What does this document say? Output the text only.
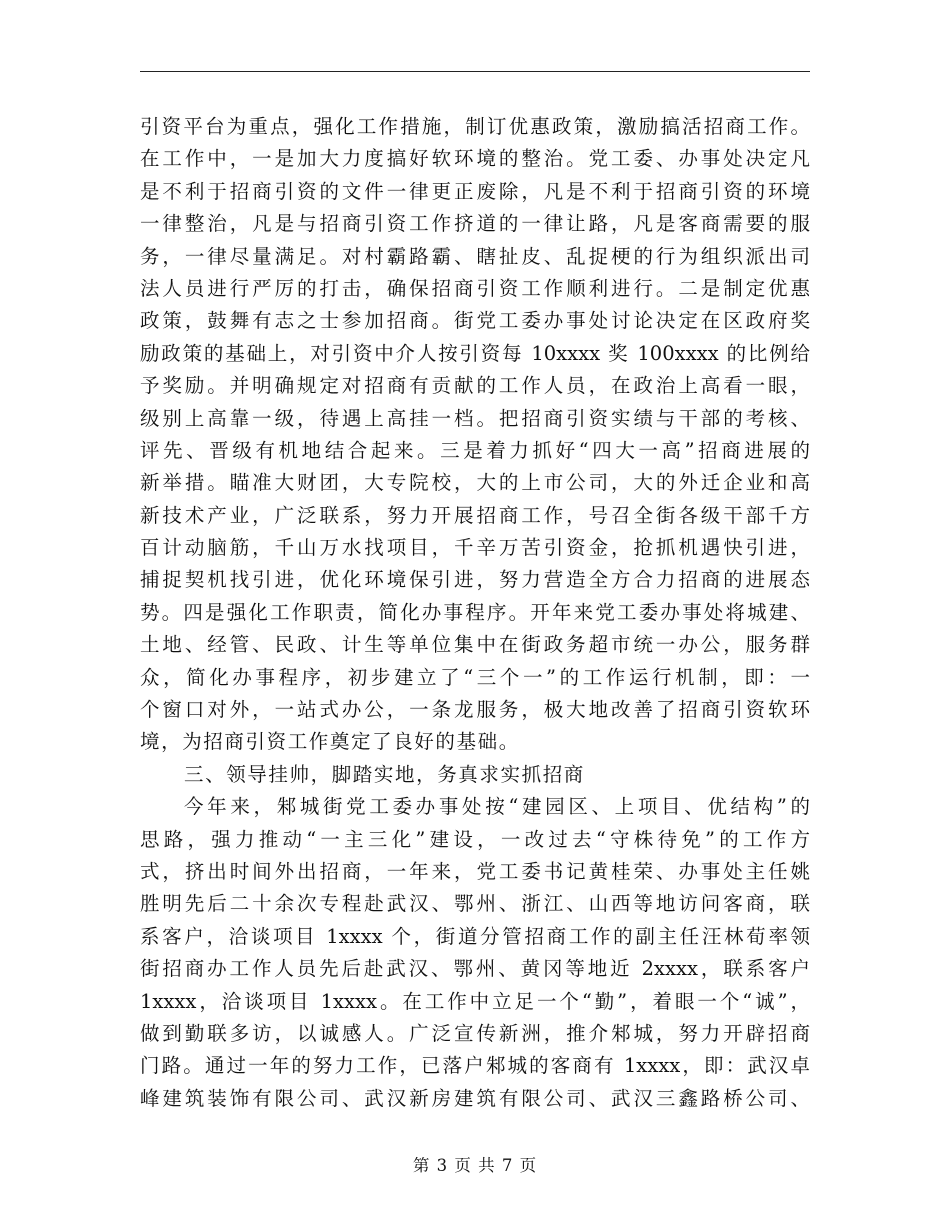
引资平台为重点，强化工作措施，制订优惠政策，激励搞活招商工作。
在工作中，一是加大力度搞好软环境的整治。党工委、办事处决定凡
是不利于招商引资的文件一律更正废除，凡是不利于招商引资的环境
一律整治，凡是与招商引资工作挤道的一律让路，凡是客商需要的服
务，一律尽量满足。对村霸路霸、瞎扯皮、乱捉梗的行为组织派出司
法人员进行严厉的打击，确保招商引资工作顺利进行。二是制定优惠
政策，鼓舞有志之士参加招商。街党工委办事处讨论决定在区政府奖
励政策的基础上，对引资中介人按引资每 10xxxx 奖 100xxxx 的比例给
予奖励。并明确规定对招商有贡献的工作人员，在政治上高看一眼，
级别上高靠一级，待遇上高挂一档。把招商引资实绩与干部的考核、
评先、晋级有机地结合起来。三是着力抓好“四大一高”招商进展的
新举措。瞄准大财团，大专院校，大的上市公司，大的外迁企业和高
新技术产业，广泛联系，努力开展招商工作，号召全街各级干部千方
百计动脑筋，千山万水找项目，千辛万苦引资金，抢抓机遇快引进，
捕捉契机找引进，优化环境保引进，努力营造全方合力招商的进展态
势。四是强化工作职责，简化办事程序。开年来党工委办事处将城建、
土地、经管、民政、计生等单位集中在街政务超市统一办公，服务群
众，简化办事程序，初步建立了“三个一”的工作运行机制，即：一
个窗口对外，一站式办公，一条龙服务，极大地改善了招商引资软环
境，为招商引资工作奠定了良好的基础。
三、领导挂帅，脚踏实地，务真求实抓招商
今年来，邾城街党工委办事处按“建园区、上项目、优结构”的
思路，强力推动“一主三化”建设，一改过去“守株待免”的工作方
式，挤出时间外出招商，一年来，党工委书记黄桂荣、办事处主任姚
胜明先后二十余次专程赴武汉、鄂州、浙江、山西等地访问客商，联
系客户，洽谈项目 1xxxx 个，街道分管招商工作的副主任汪林荀率领
街招商办工作人员先后赴武汉、鄂州、黄冈等地近 2xxxx，联系客户
1xxxx，洽谈项目 1xxxx。在工作中立足一个“勤”，着眼一个“诚”，
做到勤联多访，以诚感人。广泛宣传新洲，推介邾城，努力开辟招商
门路。通过一年的努力工作，已落户邾城的客商有 1xxxx，即：武汉卓
峰建筑装饰有限公司、武汉新房建筑有限公司、武汉三鑫路桥公司、
第 3 页 共 7 页
